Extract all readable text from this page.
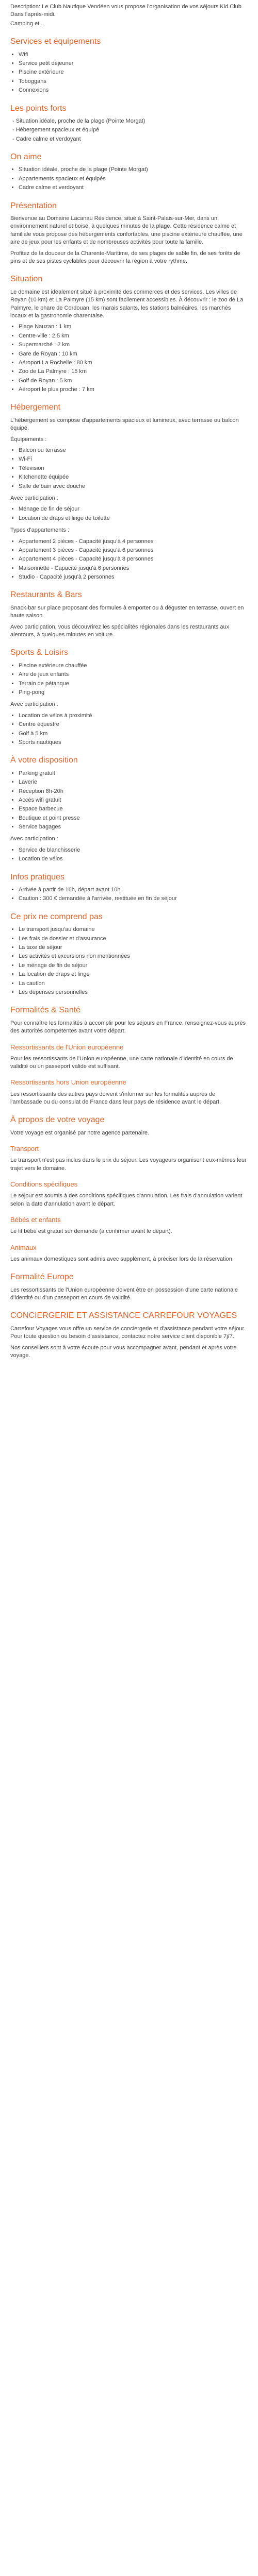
Description: Le Club Nautique Vendéen vous propose l'organisation de vos séjours Kid Club Dans l'après-midi.

Camping et...

Services et équipements
• Wifi
• Service petit déjeuner
• Piscine extérieure
• Toboggans
• Connexions
Les points forts
- Situation idéale, proche de la plage (Pointe Morgat)
- Hébergement spacieux et équipé
- Cadre calme et verdoyant
On aime
• Situation idéale, proche de la plage (Pointe Morgat)
• Appartements spacieux et équipés
• Cadre calme et verdoyant
Présentation

Bienvenue au Domaine Lacanau Résidence, situé à Saint-Palais-sur-Mer, dans un environnement naturel et boisé, à quelques minutes de la plage. Cette résidence calme et familiale vous propose des hébergements confortables, une piscine extérieure chauffée, une aire de jeux pour les enfants et de nombreuses activités pour toute la famille.

Profitez de la douceur de la Charente-Maritime, de ses plages de sable fin, de ses forêts de pins et de ses pistes cyclables pour découvrir la région à votre rythme.

Situation

Le domaine est idéalement situé à proximité des commerces et des services. Les villes de Royan (10 km) et La Palmyre (15 km) sont facilement accessibles. À découvrir : le zoo de La Palmyre, le phare de Cordouan, les marais salants, les stations balnéaires, les marchés locaux et la gastronomie charentaise.

• Plage Nauzan : 1 km
• Centre-ville : 2,5 km
• Supermarché : 2 km
• Gare de Royan : 10 km
• Aéroport La Rochelle : 80 km
• Zoo de La Palmyre : 15 km
• Golf de Royan : 5 km
• Aéroport le plus proche : 7 km
Hébergement

L'hébergement se compose d'appartements spacieux et lumineux, avec terrasse ou balcon équipé.

Équipements :

• Balcon ou terrasse
• Wi-Fi
• Télévision
• Kitchenette équipée
• Salle de bain avec douche

Avec participation :

• Ménage de fin de séjour
• Location de draps et linge de toilette

Types d'appartements :

• Appartement 2 pièces - Capacité jusqu'à 4 personnes
• Appartement 3 pièces - Capacité jusqu'à 6 personnes
• Appartement 4 pièces - Capacité jusqu'à 8 personnes
• Maisonnette - Capacité jusqu'à 6 personnes
• Studio - Capacité jusqu'à 2 personnes
Restaurants & Bars

Snack-bar sur place proposant des formules à emporter ou à déguster en terrasse, ouvert en haute saison.

Avec participation, vous découvrirez les spécialités régionales dans les restaurants aux alentours, à quelques minutes en voiture.

Sports & Loisirs
• Piscine extérieure chauffée
• Aire de jeux enfants
• Terrain de pétanque
• Ping-pong

Avec participation :

• Location de vélos à proximité
• Centre équestre
• Golf à 5 km
• Sports nautiques
À votre disposition
• Parking gratuit
• Laverie
• Réception 8h-20h
• Accès wifi gratuit
• Espace barbecue
• Boutique et point presse
• Service bagages

Avec participation :

• Service de blanchisserie
• Location de vélos
Infos pratiques
• Arrivée à partir de 16h, départ avant 10h
• Caution : 300 € demandée à l'arrivée, restituée en fin de séjour
Ce prix ne comprend pas
• Le transport jusqu'au domaine
• Les frais de dossier et d'assurance
• La taxe de séjour
• Les activités et excursions non mentionnées
• Le ménage de fin de séjour
• La location de draps et linge
• La caution
• Les dépenses personnelles
Formalités & Santé

Pour connaître les formalités à accomplir pour les séjours en France, renseignez-vous auprès des autorités compétentes avant votre départ.

Ressortissants de l'Union européenne

Pour les ressortissants de l'Union européenne, une carte nationale d'identité en cours de validité ou un passeport valide est suffisant.

Ressortissants hors Union européenne

Les ressortissants des autres pays doivent s'informer sur les formalités auprès de l'ambassade ou du consulat de France dans leur pays de résidence avant le départ.

À propos de votre voyage

Votre voyage est organisé par notre agence partenaire.

Transport

Le transport n'est pas inclus dans le prix du séjour. Les voyageurs organisent eux-mêmes leur trajet vers le domaine.

Conditions spécifiques

Le séjour est soumis à des conditions spécifiques d'annulation. Les frais d'annulation varient selon la date d'annulation avant le départ.

Bébés et enfants

Le lit bébé est gratuit sur demande (à confirmer avant le départ).

Animaux

Les animaux domestiques sont admis avec supplément, à préciser lors de la réservation.

Formalité Europe

Les ressortissants de l'Union européenne doivent être en possession d'une carte nationale d'identité ou d'un passeport en cours de validité.

CONCIERGERIE ET ASSISTANCE CARREFOUR VOYAGES

Carrefour Voyages vous offre un service de conciergerie et d'assistance pendant votre séjour. Pour toute question ou besoin d'assistance, contactez notre service client disponible 7j/7.

Nos conseillers sont à votre écoute pour vous accompagner avant, pendant et après votre voyage.
